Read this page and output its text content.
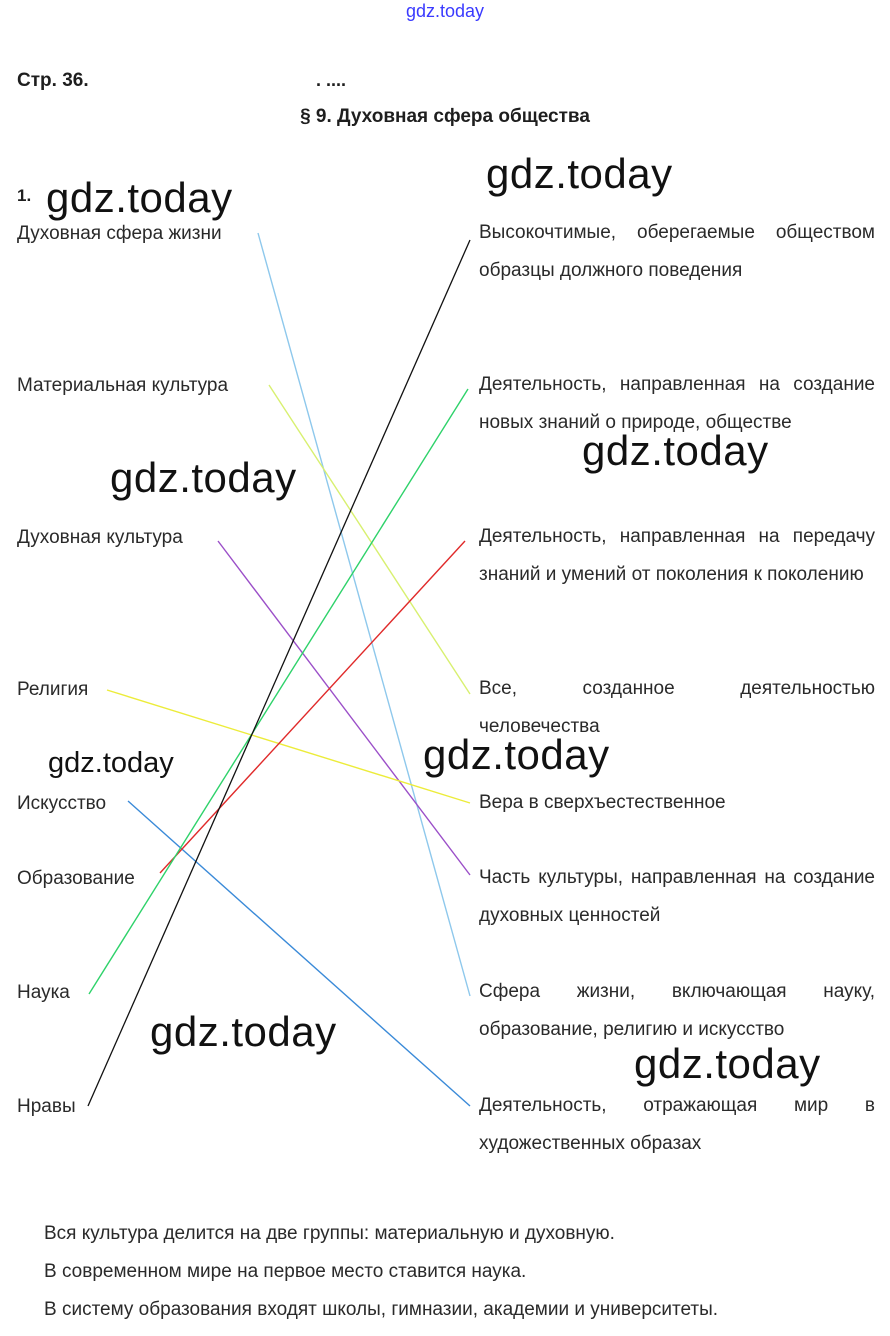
gdz.today
Стр. 36.	. ....
§ 9. Духовная сфера общества
1.
Духовная сфера жизни
Материальная культура
Духовная культура
Религия
Искусство
Образование
Наука
Нравы
Высокочтимые, оберегаемые обществом образцы должного поведения
Деятельность, направленная на создание новых знаний о природе, обществе
Деятельность, направленная на передачу знаний и умений от поколения к поколению
Все, созданное деятельностью человечества
Вера в сверхъестественное
Часть культуры, направленная на создание духовных ценностей
Сфера жизни, включающая науку, образование, религию и искусство
Деятельность, отражающая мир в художественных образах
gdz.today
gdz.today
gdz.today
gdz.today
gdz.today
gdz.today
gdz.today
gdz.today
Вся культура делится на две группы: материальную и духовную.
В современном мире на первое место ставится наука.
В систему образования входят школы, гимназии, академии и университеты.
